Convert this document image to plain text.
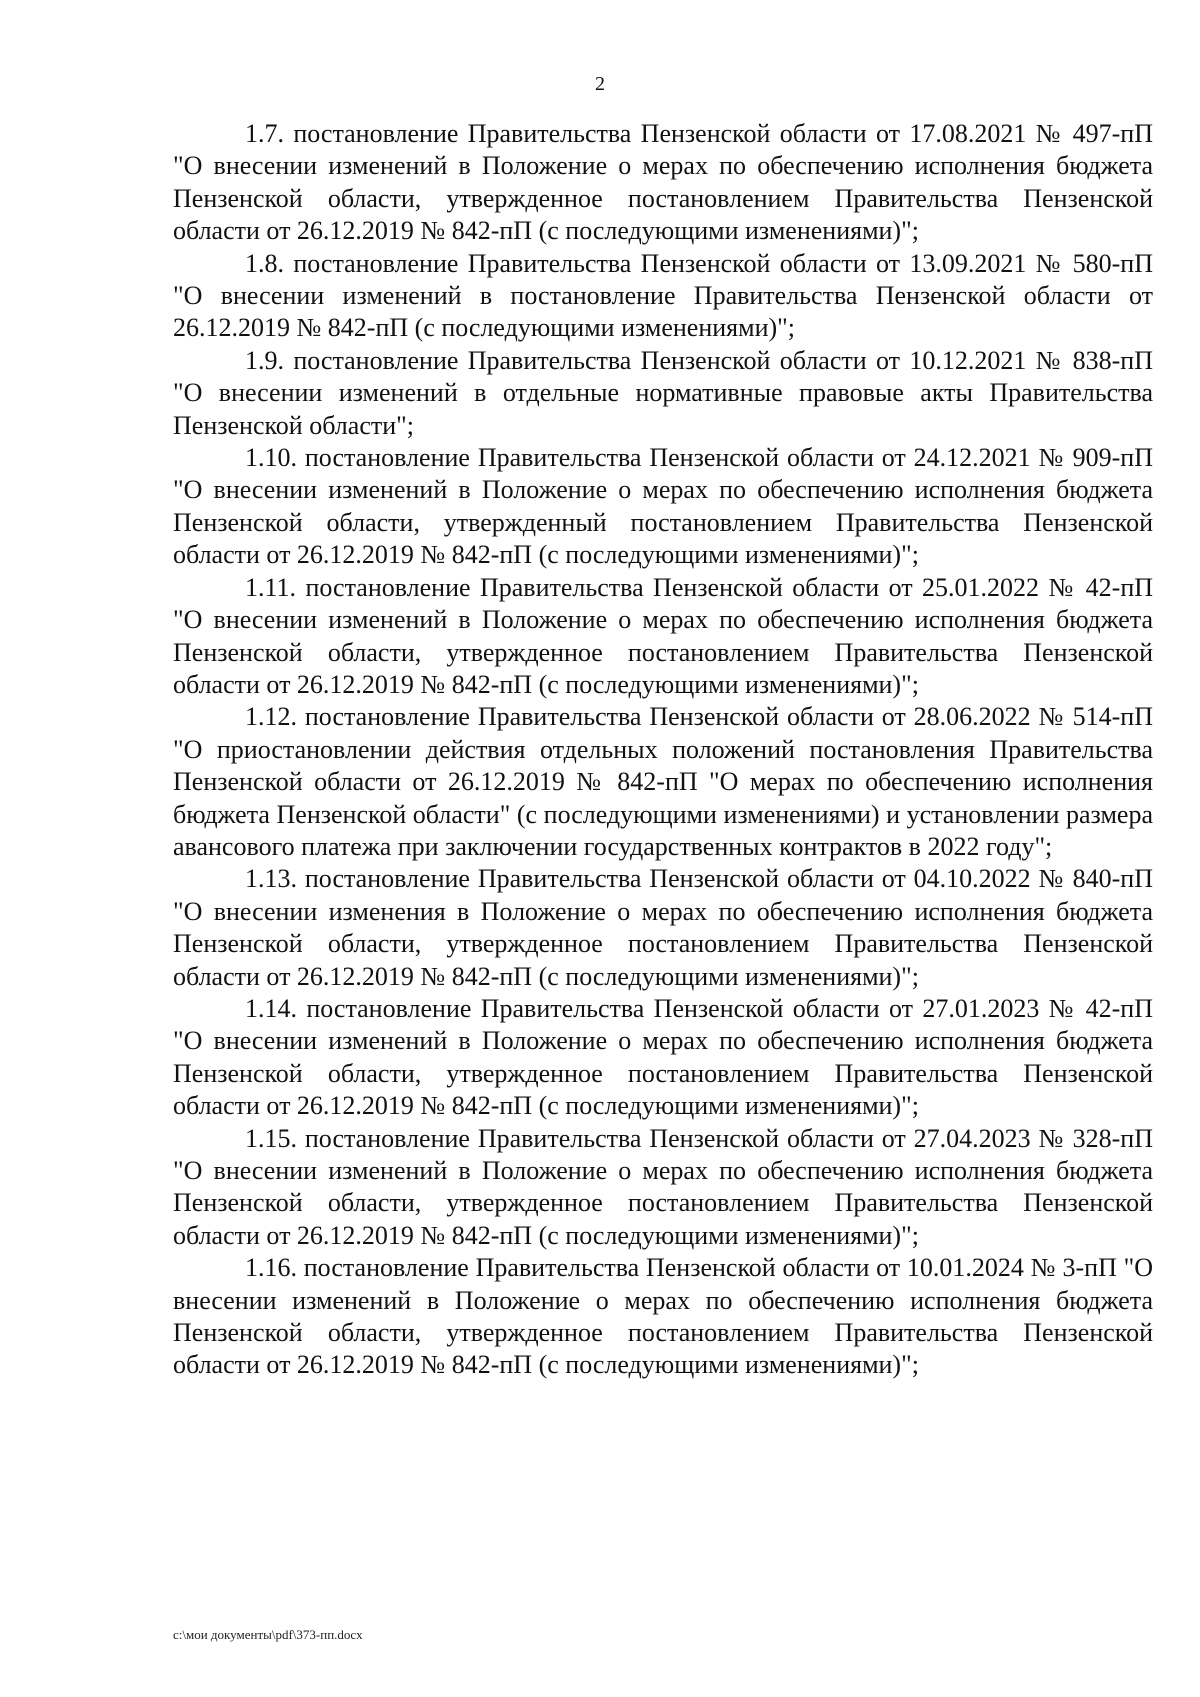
2

1.7. постановление Правительства Пензенской области от 17.08.2021 № 497-пП "О внесении изменений в Положение о мерах по обеспечению исполнения бюджета Пензенской области, утвержденное постановлением Правительства Пензенской области от 26.12.2019 № 842-пП (с последующими изменениями)";

1.8. постановление Правительства Пензенской области от 13.09.2021 № 580-пП "О внесении изменений в постановление Правительства Пензенской области от 26.12.2019 № 842-пП (с последующими изменениями)";

1.9. постановление Правительства Пензенской области от 10.12.2021 № 838-пП "О внесении изменений в отдельные нормативные правовые акты Правительства Пензенской области";

1.10. постановление Правительства Пензенской области от 24.12.2021 № 909-пП "О внесении изменений в Положение о мерах по обеспечению исполнения бюджета Пензенской области, утвержденный постановлением Правительства Пензенской области от 26.12.2019 № 842-пП (с последующими изменениями)";

1.11. постановление Правительства Пензенской области от 25.01.2022 № 42-пП "О внесении изменений в Положение о мерах по обеспечению исполнения бюджета Пензенской области, утвержденное постановлением Правительства Пензенской области от 26.12.2019 № 842-пП (с последующими изменениями)";

1.12. постановление Правительства Пензенской области от 28.06.2022 № 514-пП "О приостановлении действия отдельных положений постановления Правительства Пензенской области от 26.12.2019 № 842-пП "О мерах по обеспечению исполнения бюджета Пензенской области" (с последующими изменениями) и установлении размера авансового платежа при заключении государственных контрактов в 2022 году";

1.13. постановление Правительства Пензенской области от 04.10.2022 № 840-пП "О внесении изменения в Положение о мерах по обеспечению исполнения бюджета Пензенской области, утвержденное постановлением Правительства Пензенской области от 26.12.2019 № 842-пП (с последующими изменениями)";

1.14. постановление Правительства Пензенской области от 27.01.2023 № 42-пП "О внесении изменений в Положение о мерах по обеспечению исполнения бюджета Пензенской области, утвержденное постановлением Правительства Пензенской области от 26.12.2019 № 842-пП (с последующими изменениями)";

1.15. постановление Правительства Пензенской области от 27.04.2023 № 328-пП "О внесении изменений в Положение о мерах по обеспечению исполнения бюджета Пензенской области, утвержденное постановлением Правительства Пензенской области от 26.12.2019 № 842-пП (с последующими изменениями)";

1.16. постановление Правительства Пензенской области от 10.01.2024 № 3-пП "О внесении изменений в Положение о мерах по обеспечению исполнения бюджета Пензенской области, утвержденное постановлением Правительства Пензенской области от 26.12.2019 № 842-пП (с последующими изменениями)";

c:\мои документы\pdf\373-пп.docx
